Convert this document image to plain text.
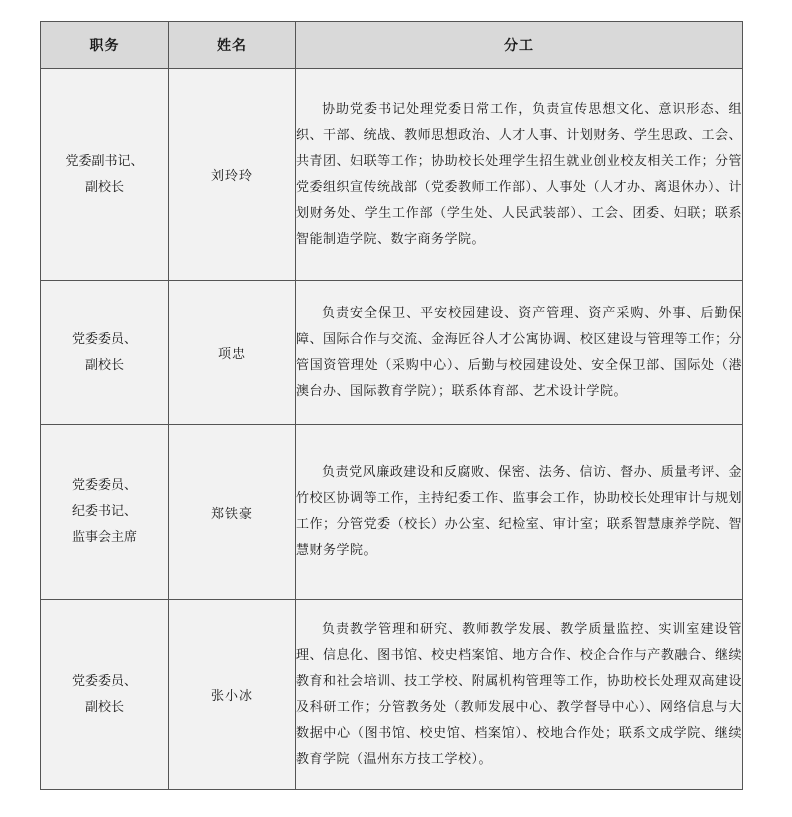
职务	姓名	分工

党委副书记、
副校长	刘玲玲	协助党委书记处理党委日常工作，负责宣传思想文化、意识形态、组织、干部、统战、教师思想政治、人才人事、计划财务、学生思政、工会、共青团、妇联等工作；协助校长处理学生招生就业创业校友相关工作；分管党委组织宣传统战部（党委教师工作部）、人事处（人才办、离退休办）、计划财务处、学生工作部（学生处、人民武装部）、工会、团委、妇联；联系智能制造学院、数字商务学院。

党委委员、
副校长	项忠	负责安全保卫、平安校园建设、资产管理、资产采购、外事、后勤保障、国际合作与交流、金海匠谷人才公寓协调、校区建设与管理等工作；分管国资管理处（采购中心）、后勤与校园建设处、安全保卫部、国际处（港澳台办、国际教育学院）；联系体育部、艺术设计学院。

党委委员、
纪委书记、
监事会主席	郑铁豪	负责党风廉政建设和反腐败、保密、法务、信访、督办、质量考评、金竹校区协调等工作，主持纪委工作、监事会工作，协助校长处理审计与规划工作；分管党委（校长）办公室、纪检室、审计室；联系智慧康养学院、智慧财务学院。

党委委员、
副校长	张小冰	负责教学管理和研究、教师教学发展、教学质量监控、实训室建设管理、信息化、图书馆、校史档案馆、地方合作、校企合作与产教融合、继续教育和社会培训、技工学校、附属机构管理等工作，协助校长处理双高建设及科研工作；分管教务处（教师发展中心、教学督导中心）、网络信息与大数据中心（图书馆、校史馆、档案馆）、校地合作处；联系文成学院、继续教育学院（温州东方技工学校）。
